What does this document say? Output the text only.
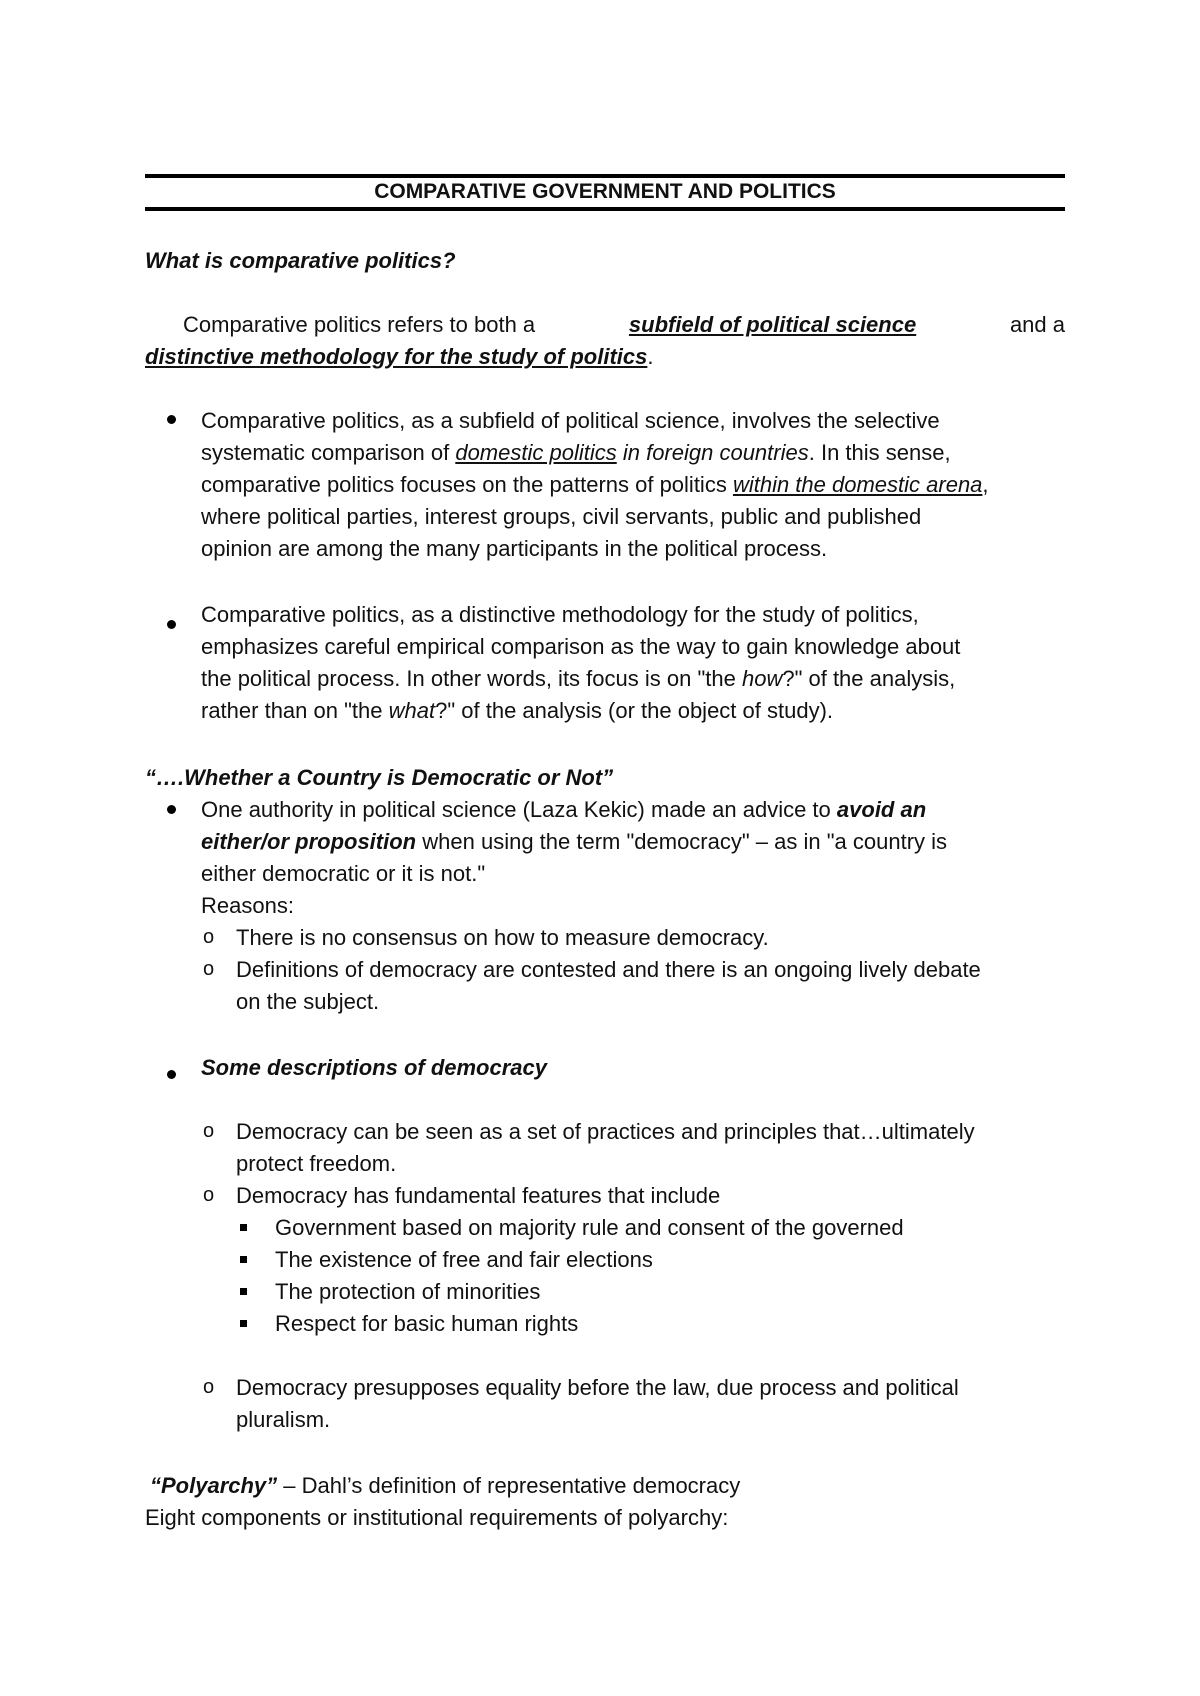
COMPARATIVE GOVERNMENT AND POLITICS
What is comparative politics?
Comparative politics refers to both a	subfield of political science	and a
distinctive methodology for the study of politics.
Comparative politics, as a subfield of political science, involves the selective
systematic comparison of domestic politics in foreign countries. In this sense,
comparative politics focuses on the patterns of politics within the domestic arena,
where political parties, interest groups, civil servants, public and published
opinion are among the many participants in the political process.
Comparative politics, as a distinctive methodology for the study of politics,
emphasizes careful empirical comparison as the way to gain knowledge about
the political process. In other words, its focus is on "the how?" of the analysis,
rather than on "the what?" of the analysis (or the object of study).
“….Whether a Country is Democratic or Not”
One authority in political science (Laza Kekic) made an advice to avoid an
either/or proposition when using the term "democracy" – as in "a country is
either democratic or it is not."
Reasons:
o There is no consensus on how to measure democracy.
o Definitions of democracy are contested and there is an ongoing lively debate
on the subject.
Some descriptions of democracy
o Democracy can be seen as a set of practices and principles that…ultimately
protect freedom.
o Democracy has fundamental features that include
Government based on majority rule and consent of the governed
The existence of free and fair elections
The protection of minorities
Respect for basic human rights
o Democracy presupposes equality before the law, due process and political
pluralism.
“Polyarchy” – Dahl’s definition of representative democracy
Eight components or institutional requirements of polyarchy:
